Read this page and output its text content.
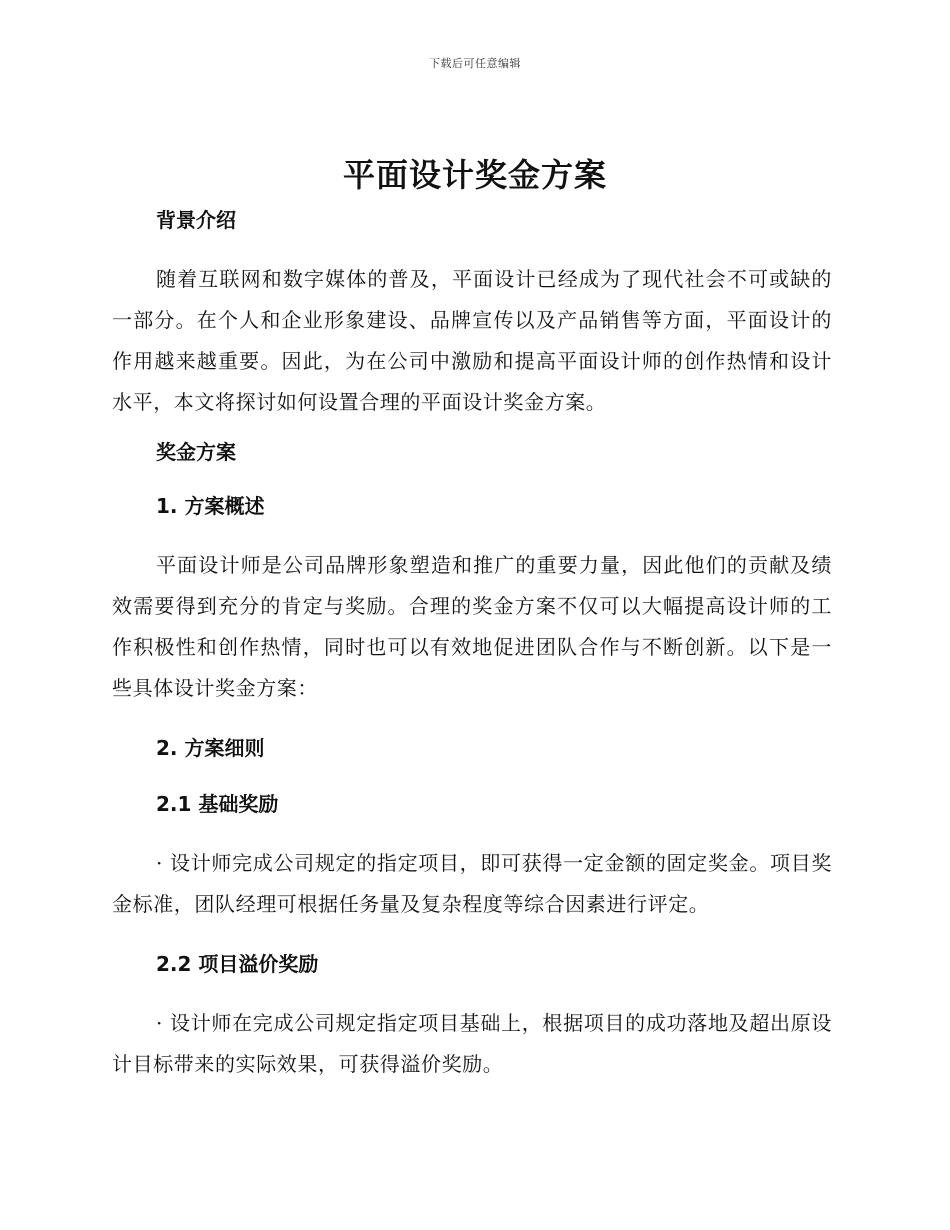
下载后可任意编辑
平面设计奖金方案

背景介绍

随着互联网和数字媒体的普及，平面设计已经成为了现代社会不可或缺的一部分。在个人和企业形象建设、品牌宣传以及产品销售等方面，平面设计的作用越来越重要。因此，为在公司中激励和提高平面设计师的创作热情和设计水平，本文将探讨如何设置合理的平面设计奖金方案。

奖金方案

1. 方案概述

平面设计师是公司品牌形象塑造和推广的重要力量，因此他们的贡献及绩效需要得到充分的肯定与奖励。合理的奖金方案不仅可以大幅提高设计师的工作积极性和创作热情，同时也可以有效地促进团队合作与不断创新。以下是一些具体设计奖金方案：

2. 方案细则

2.1 基础奖励

· 设计师完成公司规定的指定项目，即可获得一定金额的固定奖金。项目奖金标准，团队经理可根据任务量及复杂程度等综合因素进行评定。

2.2 项目溢价奖励

· 设计师在完成公司规定指定项目基础上，根据项目的成功落地及超出原设计目标带来的实际效果，可获得溢价奖励。
